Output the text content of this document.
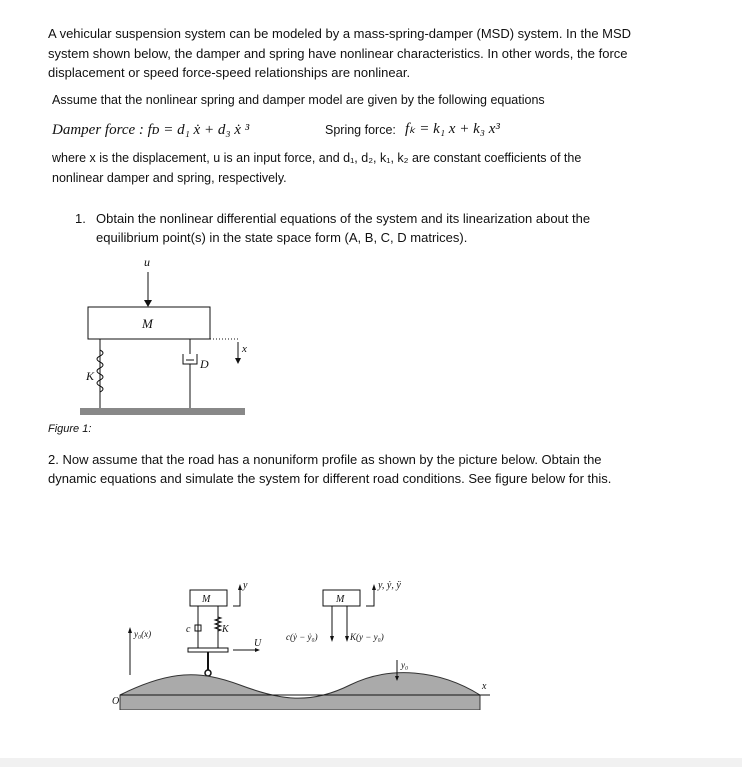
A vehicular suspension system can be modeled by a mass-spring-damper (MSD) system. In the MSD
system shown below, the damper and spring have nonlinear characteristics. In other words, the force
displacement or speed force-speed relationships are nonlinear.
Assume that the nonlinear spring and damper model are given by the following equations
Damper force : fᴅ = d₁ ẋ + d₃ ẋ ³	Spring force: fₖ = k₁ x + k₃ x³
where x is the displacement, u is an input force, and d₁, d₂, k₁, k₂ are constant coefficients of the
nonlinear damper and spring, respectively.
1. Obtain the nonlinear differential equations of the system and its linearization about the
equilibrium point(s) in the state space form (A, B, C, D matrices).
u
M
K
D
x
Figure 1:
2. Now assume that the road has a nonuniform profile as shown by the picture below. Obtain the
dynamic equations and simulate the system for different road conditions. See figure below for this.
M
y
c	K
U
y₀(x)
M
y, ẏ, ÿ
c(ẏ − ẏ₀)	K(y − y₀)
x
O
y₀
